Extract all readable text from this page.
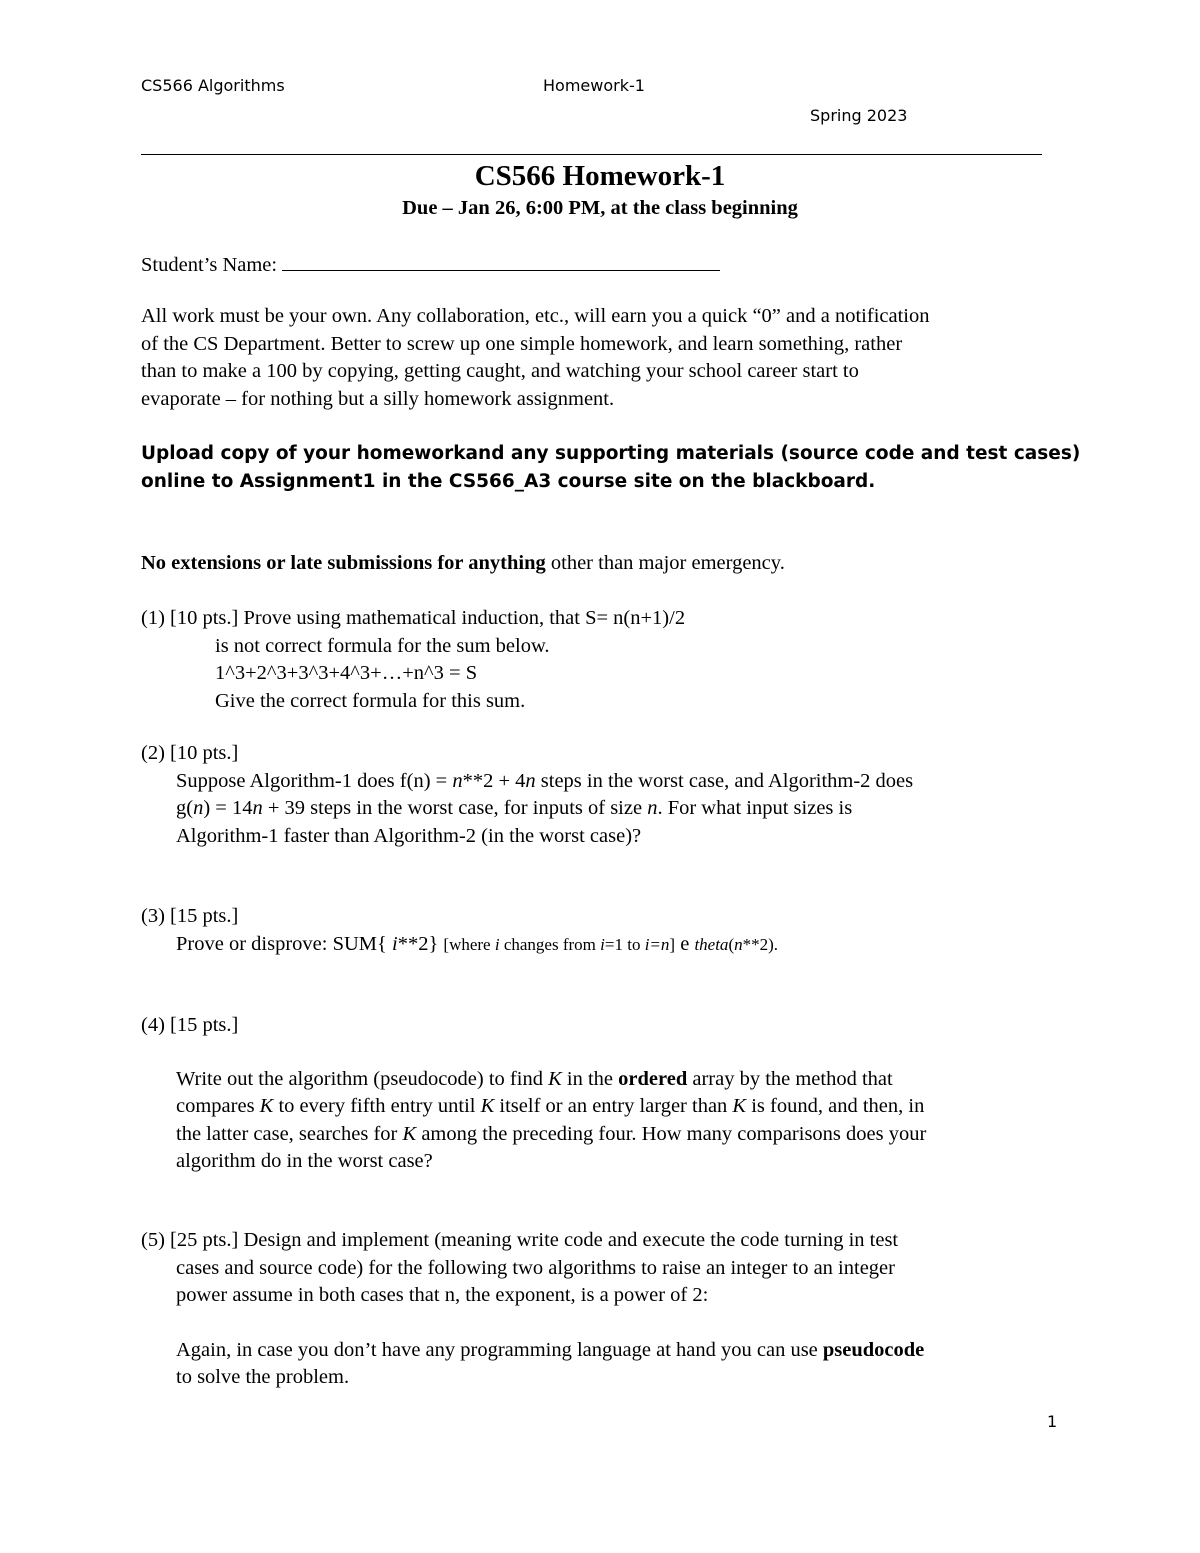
CS566 Algorithms	Homework-1
Spring 2023
CS566 Homework-1
Due – Jan 26, 6:00 PM, at the class beginning
Student’s Name:
All work must be your own. Any collaboration, etc., will earn you a quick “0” and a notification
of the CS Department. Better to screw up one simple homework, and learn something, rather
than to make a 100 by copying, getting caught, and watching your school career start to
evaporate – for nothing but a silly homework assignment.
Upload copy of your homeworkand any supporting materials (source code and test cases)
online to Assignment1 in the CS566_A3 course site on the blackboard.
No extensions or late submissions for anything other than major emergency.
(1) [10 pts.] Prove using mathematical induction, that S= n(n+1)/2
is not correct formula for the sum below.
1^3+2^3+3^3+4^3+…+n^3 = S
Give the correct formula for this sum.
(2) [10 pts.]
Suppose Algorithm-1 does f(n) = n**2 + 4n steps in the worst case, and Algorithm-2 does
g(n) = 14n + 39 steps in the worst case, for inputs of size n. For what input sizes is
Algorithm-1 faster than Algorithm-2 (in the worst case)?
(3) [15 pts.]
Prove or disprove: SUM{ i**2} [where i changes from i=1 to i=n] е theta(n**2).
(4) [15 pts.]
Write out the algorithm (pseudocode) to find K in the ordered array by the method that
compares K to every fifth entry until K itself or an entry larger than K is found, and then, in
the latter case, searches for K among the preceding four. How many comparisons does your
algorithm do in the worst case?
(5) [25 pts.] Design and implement (meaning write code and execute the code turning in test
cases and source code) for the following two algorithms to raise an integer to an integer
power assume in both cases that n, the exponent, is a power of 2:
Again, in case you don’t have any programming language at hand you can use pseudocode
to solve the problem.
1
